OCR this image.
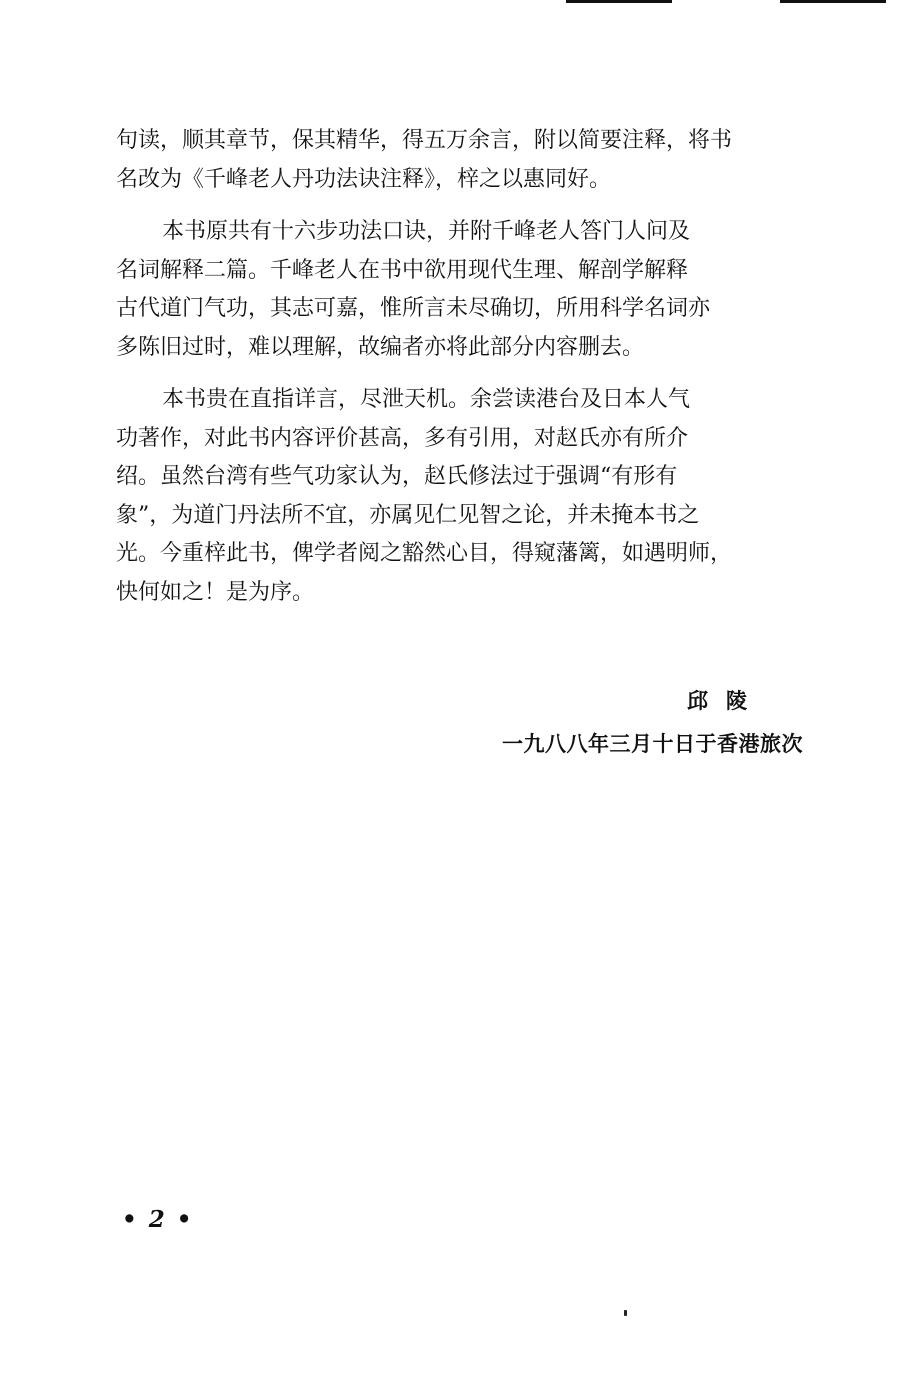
句读，顺其章节，保其精华，得五万余言，附以简要注释，将书
名改为《千峰老人丹功法诀注释》，梓之以惠同好。

本书原共有十六步功法口诀，并附千峰老人答门人问及
名词解释二篇。千峰老人在书中欲用现代生理、解剖学解释
古代道门气功，其志可嘉，惟所言未尽确切，所用科学名词亦
多陈旧过时，难以理解，故编者亦将此部分内容删去。

本书贵在直指详言，尽泄天机。余尝读港台及日本人气
功著作，对此书内容评价甚高，多有引用，对赵氏亦有所介
绍。虽然台湾有些气功家认为，赵氏修法过于强调“有形有
象”，为道门丹法所不宜，亦属见仁见智之论，并未掩本书之
光。今重梓此书，俾学者阅之豁然心目，得窥藩篱，如遇明师，
快何如之！是为序。

邱陵
一九八八年三月十日于香港旅次
• 2 •
